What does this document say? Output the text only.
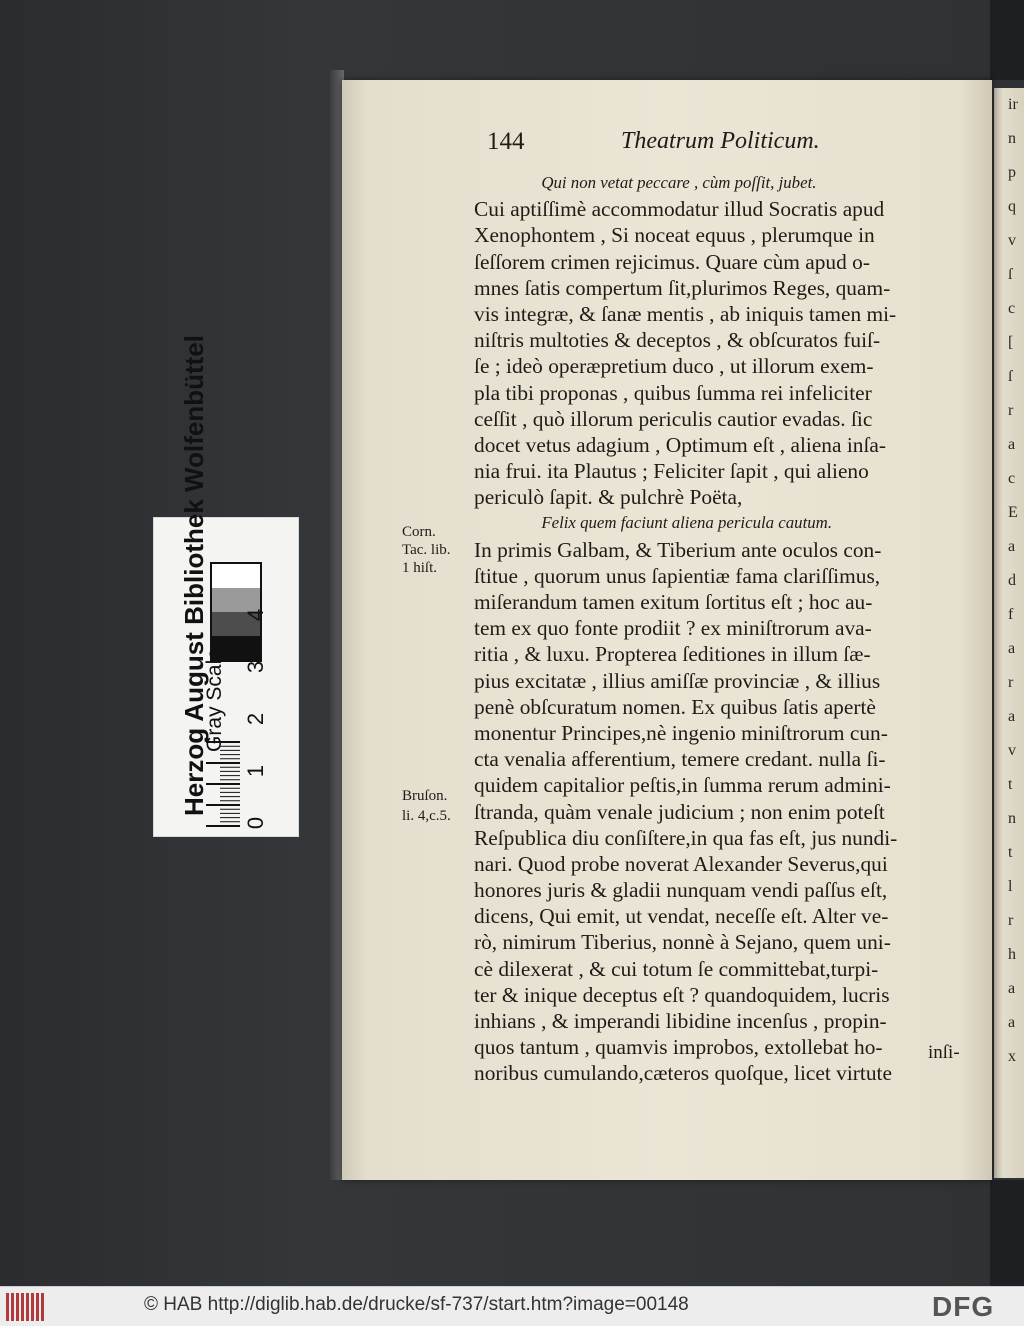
ir
n
p
q
v
ſ
c
[
ſ
r
a
c
E
a
d
f
a
r
a
v
t
n
t
l
r
h
a
a
x
144	Theatrum Politicum.
Qui non vetat peccare , cùm poſſit, jubet.
Cui aptiſſimè accommodatur illud Socratis apud
Xenophontem , Si noceat equus , plerumque in
ſeſſorem crimen rejicimus. Quare cùm apud o-
mnes ſatis compertum ſit,plurimos Reges, quam-
vis integræ, & ſanæ mentis , ab iniquis tamen mi-
niſtris multoties & deceptos , & obſcuratos fuiſ-
ſe ; ideò operæpretium duco , ut illorum exem-
pla tibi proponas , quibus ſumma rei infeliciter
ceſſit , quò illorum periculis cautior evadas. ſic
docet vetus adagium , Optimum eſt , aliena inſa-
nia frui. ita Plautus ; Feliciter ſapit , qui alieno
periculò ſapit. & pulchrè Poëta,
Felix quem faciunt aliena pericula cautum.
In primis Galbam, & Tiberium ante oculos con-
ſtitue , quorum unus ſapientiæ fama clariſſimus,
miſerandum tamen exitum ſortitus eſt ; hoc au-
tem ex quo fonte prodiit ? ex miniſtrorum ava-
ritia , & luxu. Propterea ſeditiones in illum ſæ-
pius excitatæ , illius amiſſæ provinciæ , & illius
penè obſcuratum nomen. Ex quibus ſatis apertè
monentur Principes,nè ingenio miniſtrorum cun-
cta venalia afferentium, temere credant. nulla ſi-
quidem capitalior peſtis,in ſumma rerum admini-
ſtranda, quàm venale judicium ; non enim poteſt
Reſpublica diu conſiſtere,in qua fas eſt, jus nundi-
nari. Quod probe noverat Alexander Severus,qui
honores juris & gladii nunquam vendi paſſus eſt,
dicens, Qui emit, ut vendat, neceſſe eſt. Alter ve-
rò, nimirum Tiberius, nonnè à Sejano, quem uni-
cè dilexerat , & cui totum ſe committebat,turpi-
ter & inique deceptus eſt ? quandoquidem, lucris
inhians , & imperandi libidine incenſus , propin-
quos tantum , quamvis improbos, extollebat ho-
noribus cumulando,cæteros quoſque, licet virtute
Corn.
Tac. lib.
1 hiſt.
Bruſon.
li. 4,c.5.
inſi-
Herzog August Bibliothek Wolfenbüttel
Gray Scale
0
1
2
3
4
© HAB http://diglib.hab.de/drucke/sf-737/start.htm?image=00148	DFG
